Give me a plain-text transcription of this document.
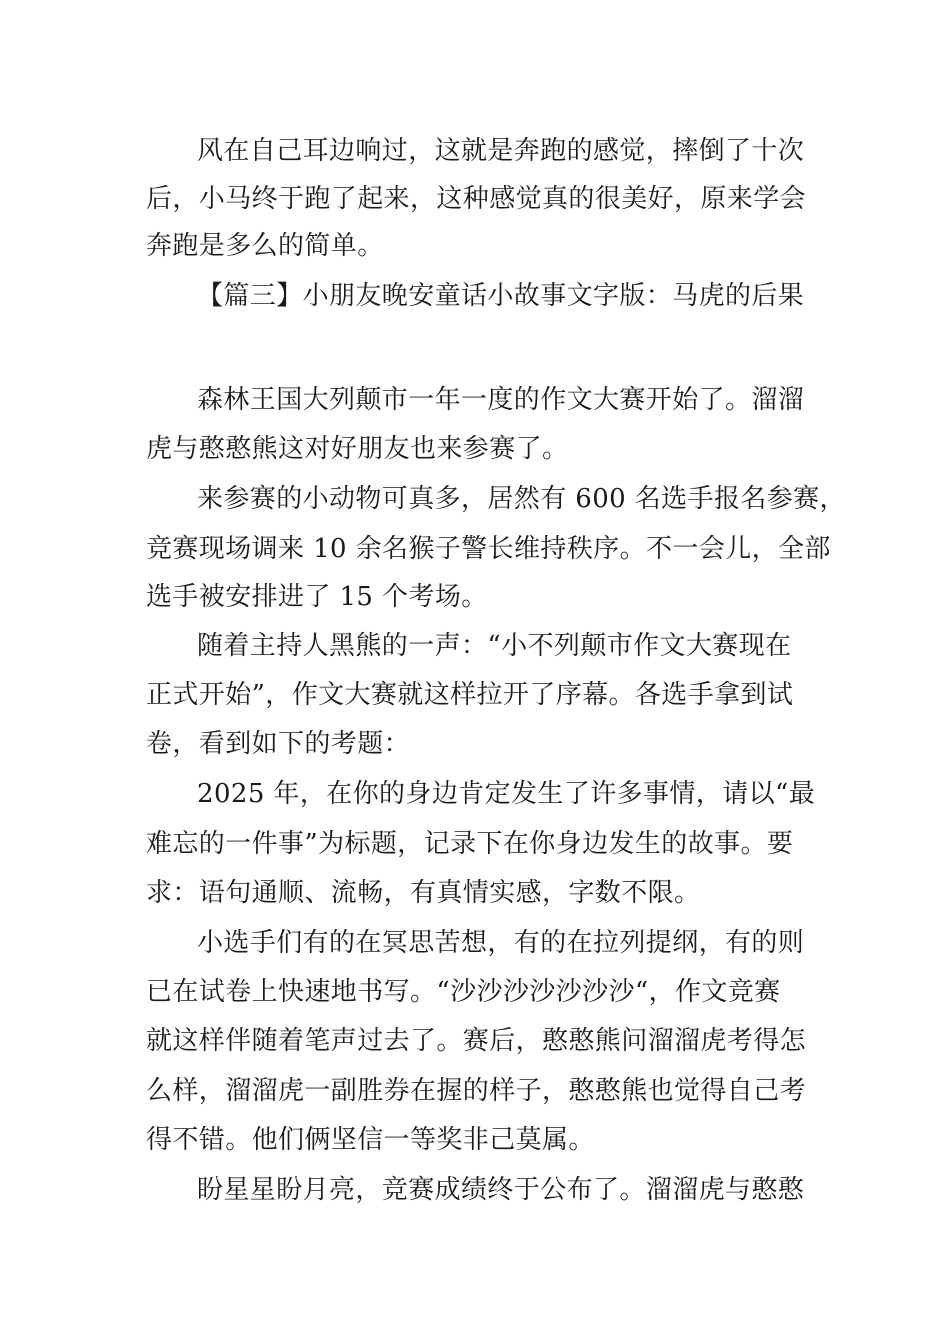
风在自己耳边响过，这就是奔跑的感觉，摔倒了十次
后，小马终于跑了起来，这种感觉真的很美好，原来学会
奔跑是多么的简单。
【篇三】小朋友晚安童话小故事文字版：马虎的后果
森林王国大列颠市一年一度的作文大赛开始了。溜溜
虎与憨憨熊这对好朋友也来参赛了。
来参赛的小动物可真多，居然有 600 名选手报名参赛，
竞赛现场调来 10 余名猴子警长维持秩序。不一会儿，全部
选手被安排进了 15 个考场。
随着主持人黑熊的一声：“小不列颠市作文大赛现在
正式开始”，作文大赛就这样拉开了序幕。各选手拿到试
卷，看到如下的考题：
2025 年，在你的身边肯定发生了许多事情，请以“最
难忘的一件事”为标题，记录下在你身边发生的故事。要
求：语句通顺、流畅，有真情实感，字数不限。
小选手们有的在冥思苦想，有的在拉列提纲，有的则
已在试卷上快速地书写。“沙沙沙沙沙沙沙“，作文竞赛
就这样伴随着笔声过去了。赛后，憨憨熊问溜溜虎考得怎
么样，溜溜虎一副胜券在握的样子，憨憨熊也觉得自己考
得不错。他们俩坚信一等奖非己莫属。
盼星星盼月亮，竞赛成绩终于公布了。溜溜虎与憨憨
